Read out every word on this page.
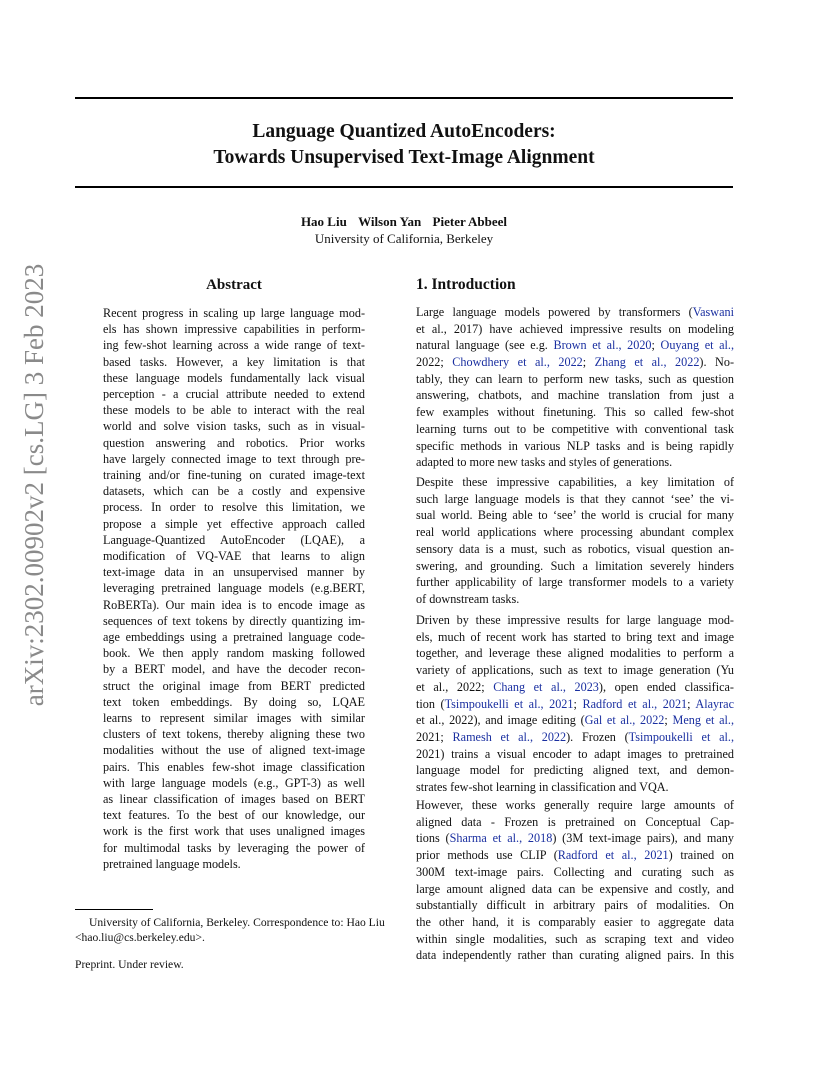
Language Quantized AutoEncoders:
Towards Unsupervised Text-Image Alignment
Hao Liu Wilson Yan Pieter Abbeel
University of California, Berkeley
arXiv:2302.00902v2 [cs.LG] 3 Feb 2023	Abstract	1. Introduction
Recent progress in scaling up large language mod-
els has shown impressive capabilities in perform-
ing few-shot learning across a wide range of text-
based tasks. However, a key limitation is that
these language models fundamentally lack visual
perception - a crucial attribute needed to extend
these models to be able to interact with the real
world and solve vision tasks, such as in visual-
question answering and robotics. Prior works
have largely connected image to text through pre-
training and/or fine-tuning on curated image-text
datasets, which can be a costly and expensive
process. In order to resolve this limitation, we
propose a simple yet effective approach called
Language-Quantized AutoEncoder (LQAE), a
modification of VQ-VAE that learns to align
text-image data in an unsupervised manner by
leveraging pretrained language models (e.g.BERT,
RoBERTa). Our main idea is to encode image as
sequences of text tokens by directly quantizing im-
age embeddings using a pretrained language code-
book. We then apply random masking followed
by a BERT model, and have the decoder recon-
struct the original image from BERT predicted
text token embeddings. By doing so, LQAE
learns to represent similar images with similar
clusters of text tokens, thereby aligning these two
modalities without the use of aligned text-image
pairs. This enables few-shot image classification
with large language models (e.g., GPT-3) as well
as linear classification of images based on BERT
text features. To the best of our knowledge, our
work is the first work that uses unaligned images
for multimodal tasks by leveraging the power of
pretrained language models.
Large language models powered by transformers (Vaswani
et al., 2017) have achieved impressive results on modeling
natural language (see e.g. Brown et al., 2020; Ouyang et al.,
2022; Chowdhery et al., 2022; Zhang et al., 2022). No-
tably, they can learn to perform new tasks, such as question
answering, chatbots, and machine translation from just a
few examples without finetuning. This so called few-shot
learning turns out to be competitive with conventional task
specific methods in various NLP tasks and is being rapidly
adapted to more new tasks and styles of generations.
Despite these impressive capabilities, a key limitation of
such large language models is that they cannot ‘see’ the vi-
sual world. Being able to ‘see’ the world is crucial for many
real world applications where processing abundant complex
sensory data is a must, such as robotics, visual question an-
swering, and grounding. Such a limitation severely hinders
further applicability of large transformer models to a variety
of downstream tasks.
Driven by these impressive results for large language mod-
els, much of recent work has started to bring text and image
together, and leverage these aligned modalities to perform a
variety of applications, such as text to image generation (Yu
et al., 2022; Chang et al., 2023), open ended classifica-
tion (Tsimpoukelli et al., 2021; Radford et al., 2021; Alayrac
et al., 2022), and image editing (Gal et al., 2022; Meng et al.,
2021; Ramesh et al., 2022). Frozen (Tsimpoukelli et al.,
2021) trains a visual encoder to adapt images to pretrained
language model for predicting aligned text, and demon-
strates few-shot learning in classification and VQA.
However, these works generally require large amounts of
aligned data - Frozen is pretrained on Conceptual Cap-
tions (Sharma et al., 2018) (3M text-image pairs), and many
prior methods use CLIP (Radford et al., 2021) trained on
300M text-image pairs. Collecting and curating such as
large amount aligned data can be expensive and costly, and
substantially difficult in arbitrary pairs of modalities. On
the other hand, it is comparably easier to aggregate data
within single modalities, such as scraping text and video
data independently rather than curating aligned pairs. In this
University of California, Berkeley. Correspondence to: Hao Liu
<hao.liu@cs.berkeley.edu>.
Preprint. Under review.
